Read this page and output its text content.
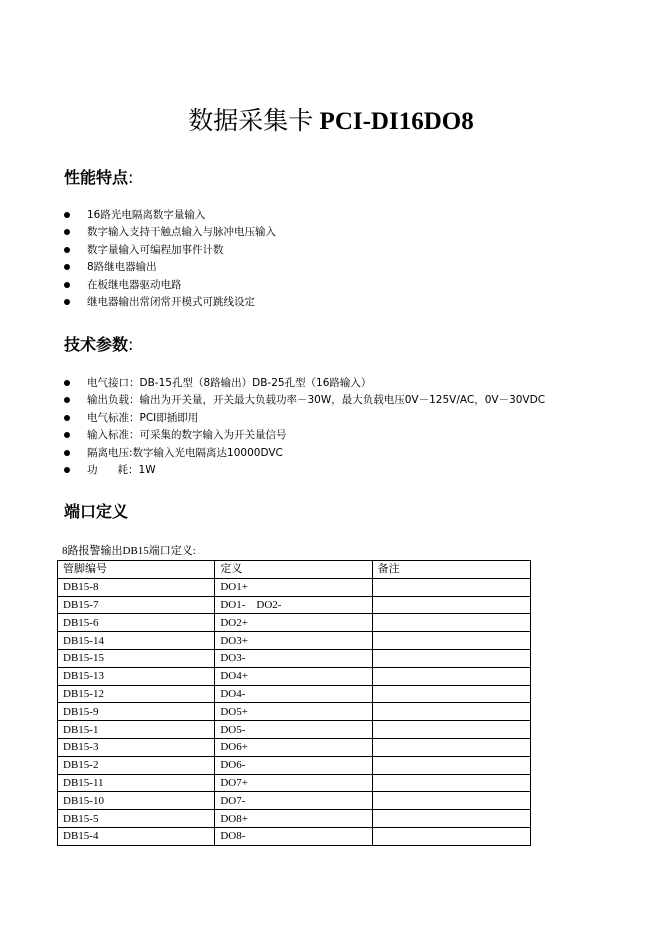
数据采集卡 PCI-DI16DO8
性能特点:
16路光电隔离数字量输入
数字输入支持干触点输入与脉冲电压输入
数字量输入可编程加事件计数
8路继电器输出
在板继电器驱动电路
继电器输出常闭常开模式可跳线设定
技术参数:
电气接口：DB-15孔型（8路输出）DB-25孔型（16路输入）
输出负载：输出为开关量，开关最大负载功率－30W，最大负载电压0V－125V/AC，0V－30VDC
电气标准：PCI即插即用
输入标准：可采集的数字输入为开关量信号
隔离电压:数字输入光电隔离达10000DVC
功      耗：1W
端口定义
8路报警输出DB15端口定义:
管脚编号	定义	备注
DB15-8	DO1+	
DB15-7	DO1-    DO2-	
DB15-6	DO2+	
DB15-14	DO3+	
DB15-15	DO3-	
DB15-13	DO4+	
DB15-12	DO4-	
DB15-9	DO5+	
DB15-1	DO5-	
DB15-3	DO6+	
DB15-2	DO6-	
DB15-11	DO7+	
DB15-10	DO7-	
DB15-5	DO8+	
DB15-4	DO8-	
